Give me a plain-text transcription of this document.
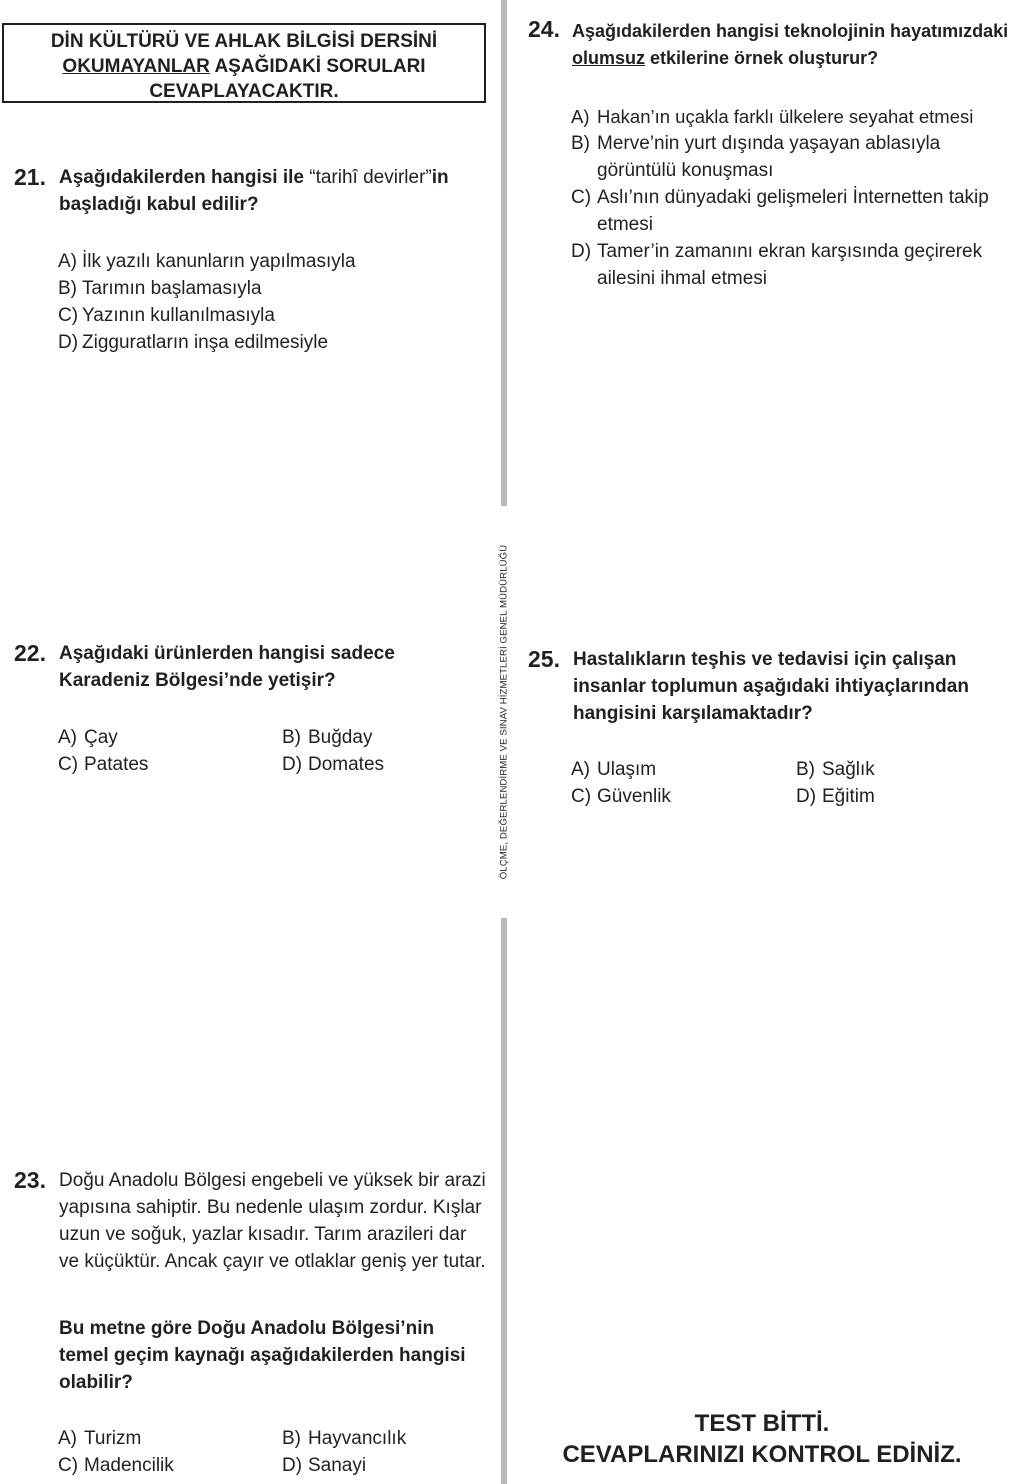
DİN KÜLTÜRÜ VE AHLAK BİLGİSİ DERSİNİ
OKUMAYANLAR AŞAĞIDAKİ SORULARI
CEVAPLAYACAKTIR.
ÖLÇME, DEĞERLENDİRME VE SINAV HİZMETLERİ GENEL MÜDÜRLÜĞÜ
21. Aşağıdakilerden hangisi ile “tarihî devirler”in başladığı kabul edilir?
A) İlk yazılı kanunların yapılmasıyla
B) Tarımın başlamasıyla
C) Yazının kullanılmasıyla
D) Zigguratların inşa edilmesiyle
22. Aşağıdaki ürünlerden hangisi sadece
Karadeniz Bölgesi’nde yetişir?
A) Çay	B) Buğday
C) Patates	D) Domates
23. Doğu Anadolu Bölgesi engebeli ve yüksek bir arazi yapısına sahiptir. Bu nedenle ulaşım zordur. Kışlar uzun ve soğuk, yazlar kısadır. Tarım arazileri dar ve küçüktür. Ancak çayır ve otlaklar geniş yer tutar.
Bu metne göre Doğu Anadolu Bölgesi’nin temel geçim kaynağı aşağıdakilerden hangisi olabilir?
A) Turizm	B) Hayvancılık
C) Madencilik	D) Sanayi
24. Aşağıdakilerden hangisi teknolojinin hayatımızdaki olumsuz etkilerine örnek oluşturur?
A) Hakan’ın uçakla farklı ülkelere seyahat etmesi
B) Merve’nin yurt dışında yaşayan ablasıyla görüntülü konuşması
C) Aslı’nın dünyadaki gelişmeleri İnternetten takip etmesi
D) Tamer’in zamanını ekran karşısında geçirerek ailesini ihmal etmesi
25. Hastalıkların teşhis ve tedavisi için çalışan insanlar toplumun aşağıdaki ihtiyaçlarından hangisini karşılamaktadır?
A) Ulaşım	B) Sağlık
C) Güvenlik	D) Eğitim
TEST BİTTİ.
CEVAPLARINIZI KONTROL EDİNİZ.
